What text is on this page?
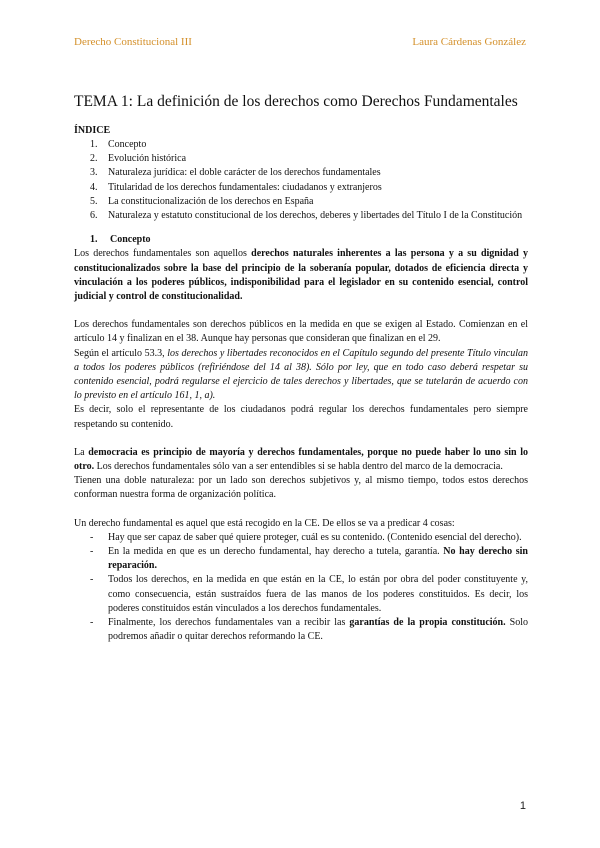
Derecho Constitucional III	Laura Cárdenas González
TEMA 1: La definición de los derechos como Derechos Fundamentales
ÍNDICE
1. Concepto
2. Evolución histórica
3. Naturaleza jurídica: el doble carácter de los derechos fundamentales
4. Titularidad de los derechos fundamentales: ciudadanos y extranjeros
5. La constitucionalización de los derechos en España
6. Naturaleza y estatuto constitucional de los derechos, deberes y libertades del Título I de la Constitución
1. Concepto

Los derechos fundamentales son aquellos derechos naturales inherentes a las persona y a su dignidad y constitucionalizados sobre la base del principio de la soberanía popular, dotados de eficiencia directa y vinculación a los poderes públicos, indisponibilidad para el legislador en su contenido esencial, control judicial y control de constitucionalidad.

Los derechos fundamentales son derechos públicos en la medida en que se exigen al Estado. Comienzan en el artículo 14 y finalizan en el 38. Aunque hay personas que consideran que finalizan en el 29.

Según el artículo 53.3, los derechos y libertades reconocidos en el Capítulo segundo del presente Título vinculan a todos los poderes públicos (refiriéndose del 14 al 38). Sólo por ley, que en todo caso deberá respetar su contenido esencial, podrá regularse el ejercicio de tales derechos y libertades, que se tutelarán de acuerdo con lo previsto en el artículo 161, 1, a).

Es decir, solo el representante de los ciudadanos podrá regular los derechos fundamentales pero siempre respetando su contenido.

La democracia es principio de mayoría y derechos fundamentales, porque no puede haber lo uno sin lo otro. Los derechos fundamentales sólo van a ser entendibles si se habla dentro del marco de la democracia.

Tienen una doble naturaleza: por un lado son derechos subjetivos y, al mismo tiempo, todos estos derechos conforman nuestra forma de organización política.

Un derecho fundamental es aquel que está recogido en la CE. De ellos se va a predicar 4 cosas:

- Hay que ser capaz de saber qué quiere proteger, cuál es su contenido. (Contenido esencial del derecho).
- En la medida en que es un derecho fundamental, hay derecho a tutela, garantía. No hay derecho sin reparación.
- Todos los derechos, en la medida en que están en la CE, lo están por obra del poder constituyente y, como consecuencia, están sustraídos fuera de las manos de los poderes constituidos. Es decir, los poderes constituidos están vinculados a los derechos fundamentales.
- Finalmente, los derechos fundamentales van a recibir las garantías de la propia constitución. Solo podremos añadir o quitar derechos reformando la CE.
1
